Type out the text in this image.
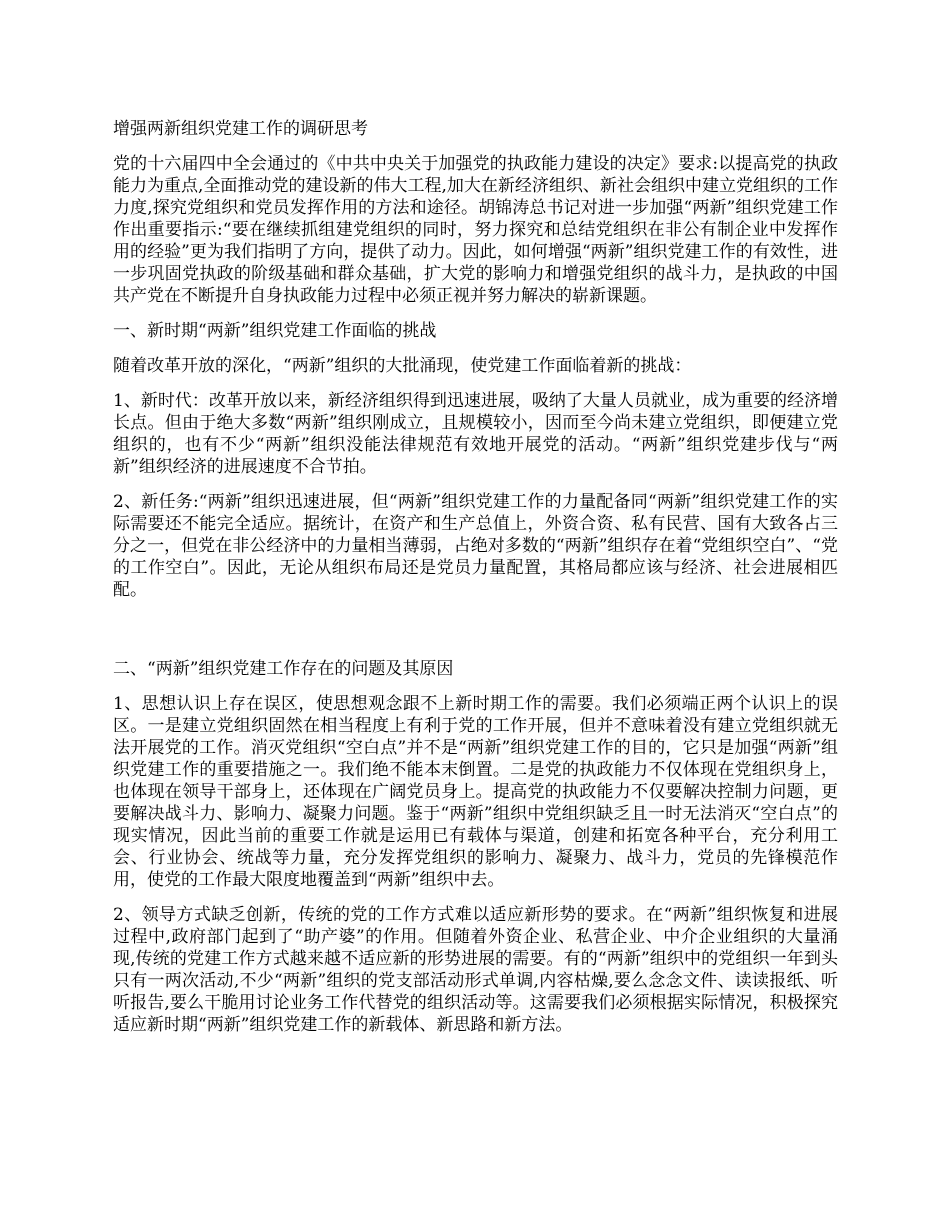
增强两新组织党建工作的调研思考

党的十六届四中全会通过的《中共中央关于加强党的执政能力建设的决定》要求:以提高党的执政能力为重点,全面推动党的建设新的伟大工程,加大在新经济组织、新社会组织中建立党组织的工作力度,探究党组织和党员发挥作用的方法和途径。胡锦涛总书记对进一步加强“两新”组织党建工作作出重要指示:“要在继续抓组建党组织的同时，努力探究和总结党组织在非公有制企业中发挥作用的经验”更为我们指明了方向，提供了动力。因此，如何增强“两新”组织党建工作的有效性，进一步巩固党执政的阶级基础和群众基础，扩大党的影响力和增强党组织的战斗力，是执政的中国共产党在不断提升自身执政能力过程中必须正视并努力解决的崭新课题。

一、新时期“两新”组织党建工作面临的挑战

随着改革开放的深化，“两新”组织的大批涌现，使党建工作面临着新的挑战：

1、新时代：改革开放以来，新经济组织得到迅速进展，吸纳了大量人员就业，成为重要的经济增长点。但由于绝大多数“两新”组织刚成立，且规模较小，因而至今尚未建立党组织，即便建立党组织的，也有不少“两新”组织没能法律规范有效地开展党的活动。“两新”组织党建步伐与“两新”组织经济的进展速度不合节拍。

2、新任务:“两新”组织迅速进展，但“两新”组织党建工作的力量配备同“两新”组织党建工作的实际需要还不能完全适应。据统计，在资产和生产总值上，外资合资、私有民营、国有大致各占三分之一，但党在非公经济中的力量相当薄弱，占绝对多数的“两新”组织存在着“党组织空白”、“党的工作空白”。因此，无论从组织布局还是党员力量配置，其格局都应该与经济、社会进展相匹配。

二、“两新”组织党建工作存在的问题及其原因

1、思想认识上存在误区，使思想观念跟不上新时期工作的需要。我们必须端正两个认识上的误区。一是建立党组织固然在相当程度上有利于党的工作开展，但并不意味着没有建立党组织就无法开展党的工作。消灭党组织“空白点”并不是“两新”组织党建工作的目的，它只是加强“两新”组织党建工作的重要措施之一。我们绝不能本末倒置。二是党的执政能力不仅体现在党组织身上，也体现在领导干部身上，还体现在广阔党员身上。提高党的执政能力不仅要解决控制力问题，更要解决战斗力、影响力、凝聚力问题。鉴于“两新”组织中党组织缺乏且一时无法消灭“空白点”的现实情况，因此当前的重要工作就是运用已有载体与渠道，创建和拓宽各种平台，充分利用工会、行业协会、统战等力量，充分发挥党组织的影响力、凝聚力、战斗力，党员的先锋模范作用，使党的工作最大限度地覆盖到“两新”组织中去。

2、领导方式缺乏创新，传统的党的工作方式难以适应新形势的要求。在“两新”组织恢复和进展过程中,政府部门起到了“助产婆”的作用。但随着外资企业、私营企业、中介企业组织的大量涌现,传统的党建工作方式越来越不适应新的形势进展的需要。有的“两新”组织中的党组织一年到头只有一两次活动,不少“两新”组织的党支部活动形式单调,内容枯燥,要么念念文件、读读报纸、听听报告,要么干脆用讨论业务工作代替党的组织活动等。这需要我们必须根据实际情况，积极探究适应新时期“两新”组织党建工作的新载体、新思路和新方法。
